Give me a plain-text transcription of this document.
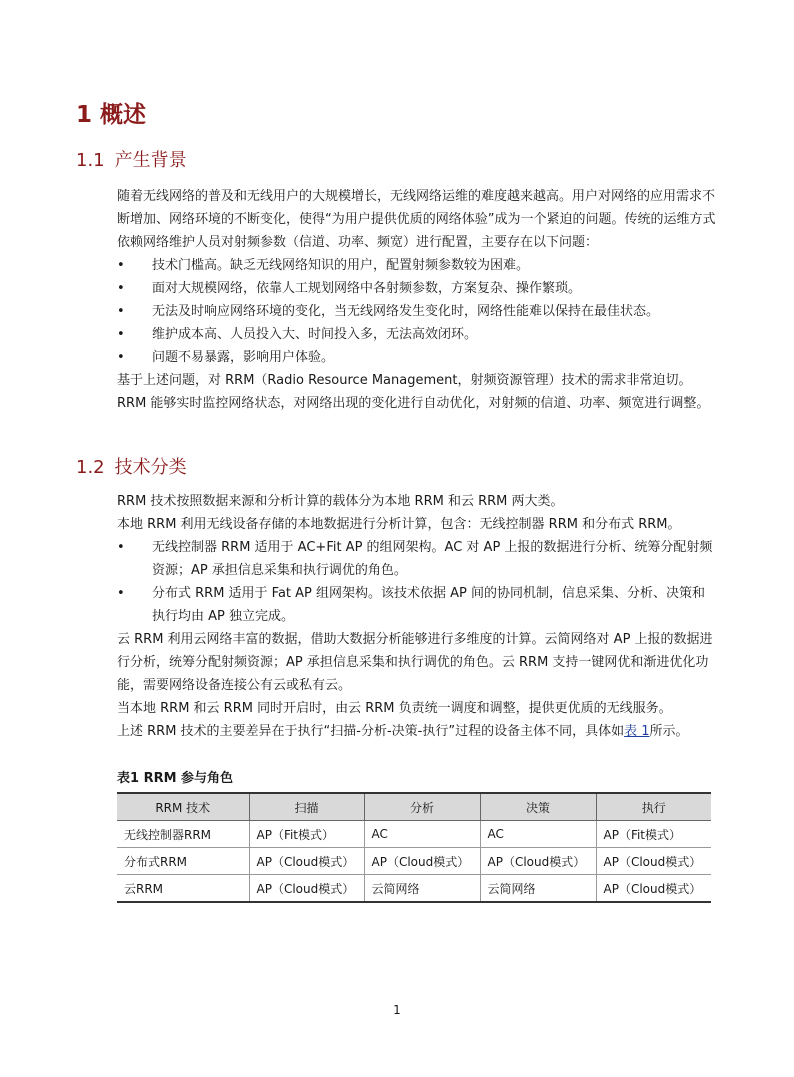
1 概述
1.1 产生背景

随着无线网络的普及和无线用户的大规模增长，无线网络运维的难度越来越高。用户对网络的应用需求不断增加、网络环境的不断变化，使得“为用户提供优质的网络体验”成为一个紧迫的问题。传统的运维方式依赖网络维护人员对射频参数（信道、功率、频宽）进行配置，主要存在以下问题：

• 技术门槛高。缺乏无线网络知识的用户，配置射频参数较为困难。
• 面对大规模网络，依靠人工规划网络中各射频参数，方案复杂、操作繁琐。
• 无法及时响应网络环境的变化，当无线网络发生变化时，网络性能难以保持在最佳状态。
• 维护成本高、人员投入大、时间投入多，无法高效闭环。
• 问题不易暴露，影响用户体验。

基于上述问题，对 RRM（Radio Resource Management，射频资源管理）技术的需求非常迫切。RRM 能够实时监控网络状态，对网络出现的变化进行自动优化，对射频的信道、功率、频宽进行调整。

1.2 技术分类

RRM 技术按照数据来源和分析计算的载体分为本地 RRM 和云 RRM 两大类。

本地 RRM 利用无线设备存储的本地数据进行分析计算，包含：无线控制器 RRM 和分布式 RRM。

• 无线控制器 RRM 适用于 AC+Fit AP 的组网架构。AC 对 AP 上报的数据进行分析、统筹分配射频资源；AP 承担信息采集和执行调优的角色。
• 分布式 RRM 适用于 Fat AP 组网架构。该技术依据 AP 间的协同机制，信息采集、分析、决策和执行均由 AP 独立完成。

云 RRM 利用云网络丰富的数据，借助大数据分析能够进行多维度的计算。云简网络对 AP 上报的数据进行分析，统筹分配射频资源；AP 承担信息采集和执行调优的角色。云 RRM 支持一键网优和渐进优化功能，需要网络设备连接公有云或私有云。

当本地 RRM 和云 RRM 同时开启时，由云 RRM 负责统一调度和调整，提供更优质的无线服务。

上述 RRM 技术的主要差异在于执行“扫描-分析-决策-执行”过程的设备主体不同，具体如表 1所示。

表1 RRM 参与角色
RRM 技术	扫描	分析	决策	执行
无线控制器RRM	AP（Fit模式）	AC	AC	AP（Fit模式）
分布式RRM	AP（Cloud模式）	AP（Cloud模式）	AP（Cloud模式）	AP（Cloud模式）
云RRM	AP（Cloud模式）	云简网络	云简网络	AP（Cloud模式）
1
